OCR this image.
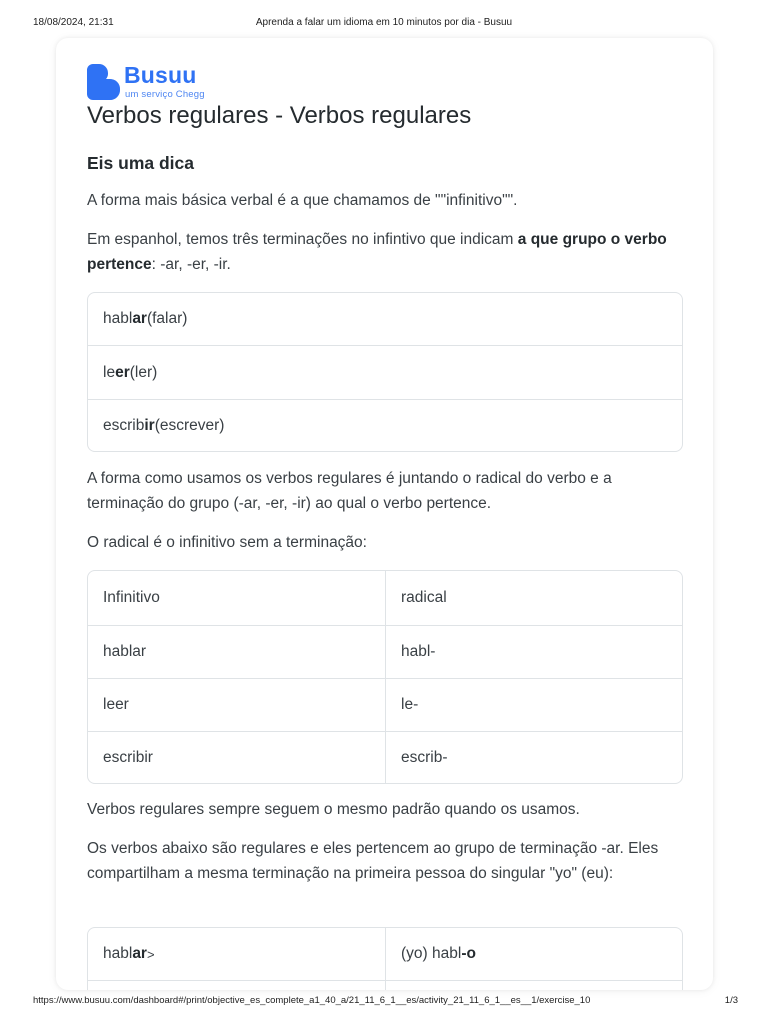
18/08/2024, 21:31	Aprenda a falar um idioma em 10 minutos por dia - Busuu
Busuu
um serviço Chegg
Verbos regulares - Verbos regulares
Eis uma dica

A forma mais básica verbal é a que chamamos de ""infinitivo"".

Em espanhol, temos três terminações no infintivo que indicam a que grupo o verbo pertence: -ar, -er, -ir.

habl ar (falar)
le er (ler)
escrib ir (escrever)

A forma como usamos os verbos regulares é juntando o radical do verbo e a terminação do grupo (-ar, -er, -ir) ao qual o verbo pertence.

O radical é o infinitivo sem a terminação:

Infinitivo	radical
hablar	habl-
leer	le-
escribir	escrib-

Verbos regulares sempre seguem o mesmo padrão quando os usamos.

Os verbos abaixo são regulares e eles pertencem ao grupo de terminação -ar. Eles compartilham a mesma terminação na primeira pessoa do singular "yo" (eu):

habl ar >	(yo) habl -o
https://www.busuu.com/dashboard#/print/objective_es_complete_a1_40_a/21_11_6_1__es/activity_21_11_6_1__es__1/exercise_10	1/3
